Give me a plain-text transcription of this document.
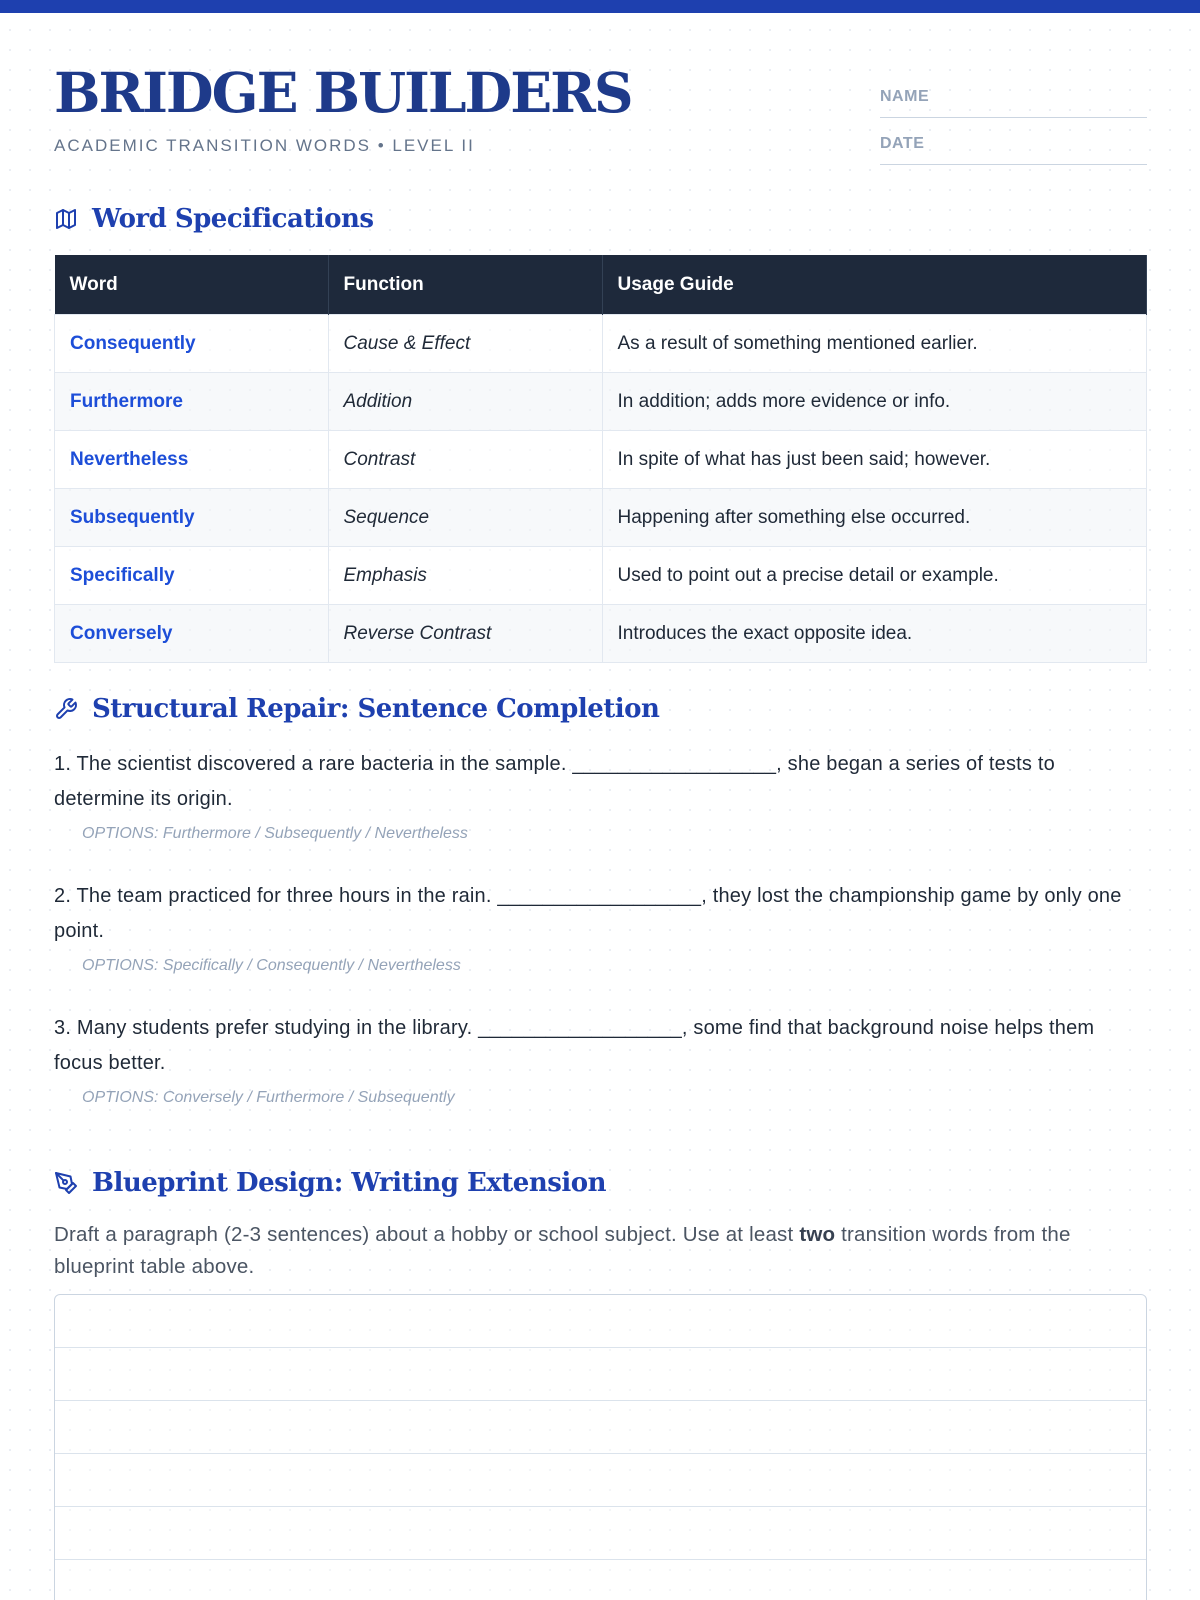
BRIDGE BUILDERS
ACADEMIC TRANSITION WORDS • LEVEL II
NAME
DATE
Word Specifications
Word	Function	Usage Guide
Consequently	Cause & Effect	As a result of something mentioned earlier.
Furthermore	Addition	In addition; adds more evidence or info.
Nevertheless	Contrast	In spite of what has just been said; however.
Subsequently	Sequence	Happening after something else occurred.
Specifically	Emphasis	Used to point out a precise detail or example.
Conversely	Reverse Contrast	Introduces the exact opposite idea.
Structural Repair: Sentence Completion

1. The scientist discovered a rare bacteria in the sample. __________________, she began a series of tests to determine its origin.

OPTIONS: Furthermore / Subsequently / Nevertheless

2. The team practiced for three hours in the rain. __________________, they lost the championship game by only one point.

OPTIONS: Specifically / Consequently / Nevertheless

3. Many students prefer studying in the library. __________________, some find that background noise helps them focus better.

OPTIONS: Conversely / Furthermore / Subsequently
Blueprint Design: Writing Extension

Draft a paragraph (2-3 sentences) about a hobby or school subject. Use at least two transition words from the blueprint table above.
